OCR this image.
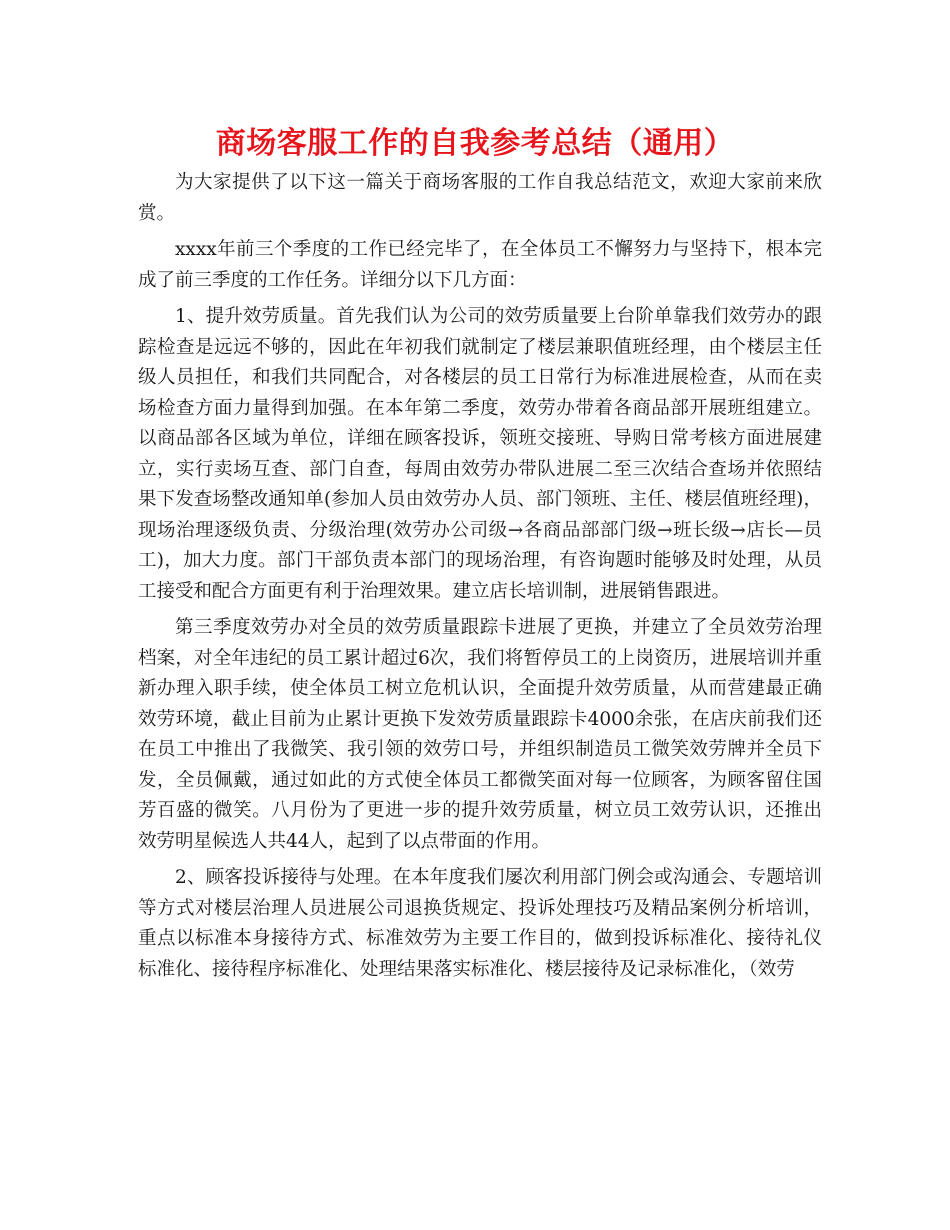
商场客服工作的自我参考总结（通用）

为大家提供了以下这一篇关于商场客服的工作自我总结范文，欢迎大家前来欣赏。

xxxx年前三个季度的工作已经完毕了，在全体员工不懈努力与坚持下，根本完成了前三季度的工作任务。详细分以下几方面：

1、提升效劳质量。首先我们认为公司的效劳质量要上台阶单靠我们效劳办的跟踪检查是远远不够的，因此在年初我们就制定了楼层兼职值班经理，由个楼层主任级人员担任，和我们共同配合，对各楼层的员工日常行为标准进展检查，从而在卖场检查方面力量得到加强。在本年第二季度，效劳办带着各商品部开展班组建立。以商品部各区域为单位，详细在顾客投诉，领班交接班、导购日常考核方面进展建立，实行卖场互查、部门自查，每周由效劳办带队进展二至三次结合查场并依照结果下发查场整改通知单(参加人员由效劳办人员、部门领班、主任、楼层值班经理)，现场治理逐级负责、分级治理(效劳办公司级→各商品部部门级→班长级→店长—员工)，加大力度。部门干部负责本部门的现场治理，有咨询题时能够及时处理，从员工接受和配合方面更有利于治理效果。建立店长培训制，进展销售跟进。

第三季度效劳办对全员的效劳质量跟踪卡进展了更换，并建立了全员效劳治理档案，对全年违纪的员工累计超过6次，我们将暂停员工的上岗资历，进展培训并重新办理入职手续，使全体员工树立危机认识，全面提升效劳质量，从而营建最正确效劳环境，截止目前为止累计更换下发效劳质量跟踪卡4000余张，在店庆前我们还在员工中推出了我微笑、我引领的效劳口号，并组织制造员工微笑效劳牌并全员下发，全员佩戴，通过如此的方式使全体员工都微笑面对每一位顾客，为顾客留住国芳百盛的微笑。八月份为了更进一步的提升效劳质量，树立员工效劳认识，还推出效劳明星候选人共44人，起到了以点带面的作用。

2、顾客投诉接待与处理。在本年度我们屡次利用部门例会或沟通会、专题培训等方式对楼层治理人员进展公司退换货规定、投诉处理技巧及精品案例分析培训，重点以标准本身接待方式、标准效劳为主要工作目的，做到投诉标准化、接待礼仪标准化、接待程序标准化、处理结果落实标准化、楼层接待及记录标准化，（效劳
